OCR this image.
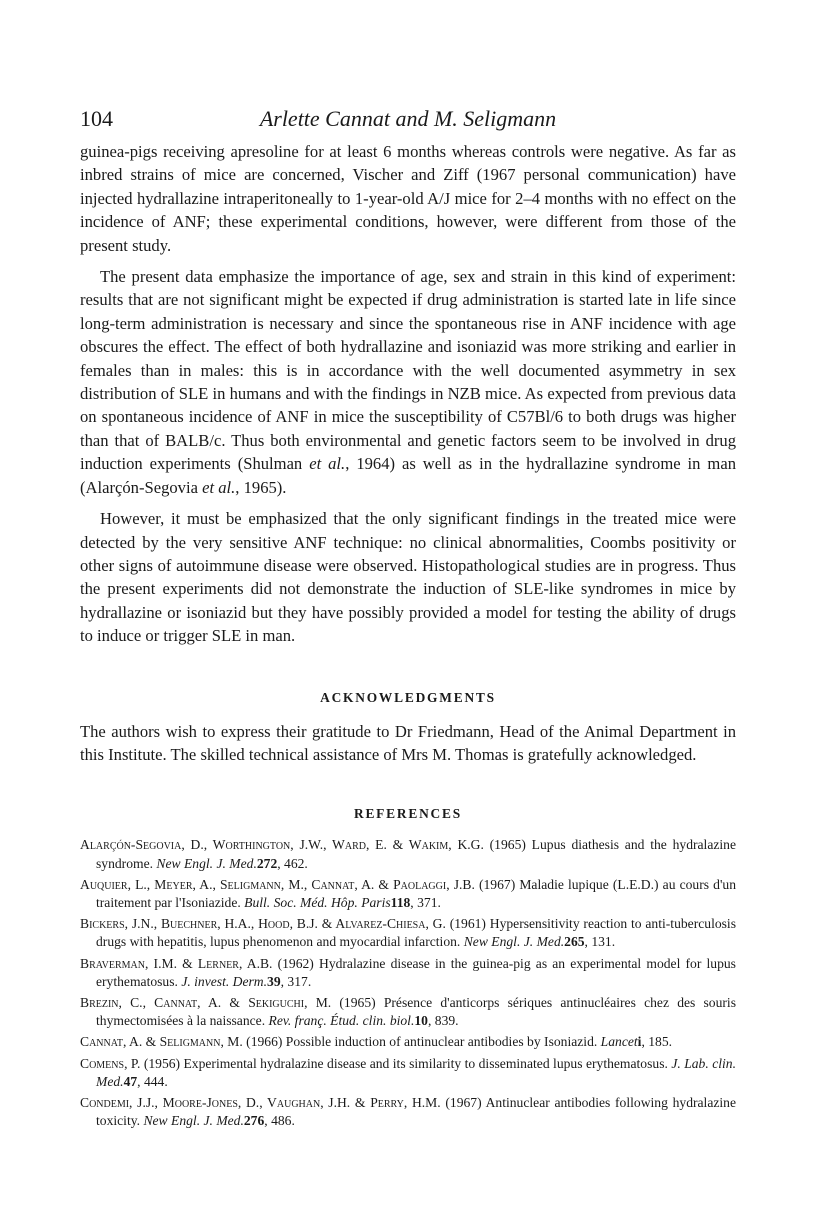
104	Arlette Cannat and M. Seligmann

guinea-pigs receiving apresoline for at least 6 months whereas controls were negative. As far as inbred strains of mice are concerned, Vischer and Ziff (1967 personal communication) have injected hydrallazine intraperitoneally to 1-year-old A/J mice for 2–4 months with no effect on the incidence of ANF; these experimental conditions, however, were different from those of the present study.

The present data emphasize the importance of age, sex and strain in this kind of experiment: results that are not significant might be expected if drug administration is started late in life since long-term administration is necessary and since the spontaneous rise in ANF incidence with age obscures the effect. The effect of both hydrallazine and isoniazid was more striking and earlier in females than in males: this is in accordance with the well documented asymmetry in sex distribution of SLE in humans and with the findings in NZB mice. As expected from previous data on spontaneous incidence of ANF in mice the susceptibility of C57Bl/6 to both drugs was higher than that of BALB/c. Thus both environmental and genetic factors seem to be involved in drug induction experiments (Shulman et al., 1964) as well as in the hydrallazine syndrome in man (Alarçón-Segovia et al., 1965).

However, it must be emphasized that the only significant findings in the treated mice were detected by the very sensitive ANF technique: no clinical abnormalities, Coombs positivity or other signs of autoimmune disease were observed. Histopathological studies are in progress. Thus the present experiments did not demonstrate the induction of SLE-like syndromes in mice by hydrallazine or isoniazid but they have possibly provided a model for testing the ability of drugs to induce or trigger SLE in man.

ACKNOWLEDGMENTS

The authors wish to express their gratitude to Dr Friedmann, Head of the Animal Department in this Institute. The skilled technical assistance of Mrs M. Thomas is gratefully acknowledged.

REFERENCES
Alarçón-Segovia, D., Worthington, J.W., Ward, E. & Wakim, K.G. (1965) Lupus diathesis and the hydralazine syndrome. New Engl. J. Med.272, 462.
Auquier, L., Meyer, A., Seligmann, M., Cannat, A. & Paolaggi, J.B. (1967) Maladie lupique (L.E.D.) au cours d'un traitement par l'Isoniazide. Bull. Soc. Méd. Hôp. Paris118, 371.
Bickers, J.N., Buechner, H.A., Hood, B.J. & Alvarez-Chiesa, G. (1961) Hypersensitivity reaction to anti-tuberculosis drugs with hepatitis, lupus phenomenon and myocardial infarction. New Engl. J. Med.265, 131.
Braverman, I.M. & Lerner, A.B. (1962) Hydralazine disease in the guinea-pig as an experimental model for lupus erythematosus. J. invest. Derm.39, 317.
Brezin, C., Cannat, A. & Sekiguchi, M. (1965) Présence d'anticorps sériques antinucléaires chez des souris thymectomisées à la naissance. Rev. franç. Étud. clin. biol.10, 839.
Cannat, A. & Seligmann, M. (1966) Possible induction of antinuclear antibodies by Isoniazid. Lanceti, 185.
Comens, P. (1956) Experimental hydralazine disease and its similarity to disseminated lupus erythematosus. J. Lab. clin. Med.47, 444.
Condemi, J.J., Moore-Jones, D., Vaughan, J.H. & Perry, H.M. (1967) Antinuclear antibodies following hydralazine toxicity. New Engl. J. Med.276, 486.
